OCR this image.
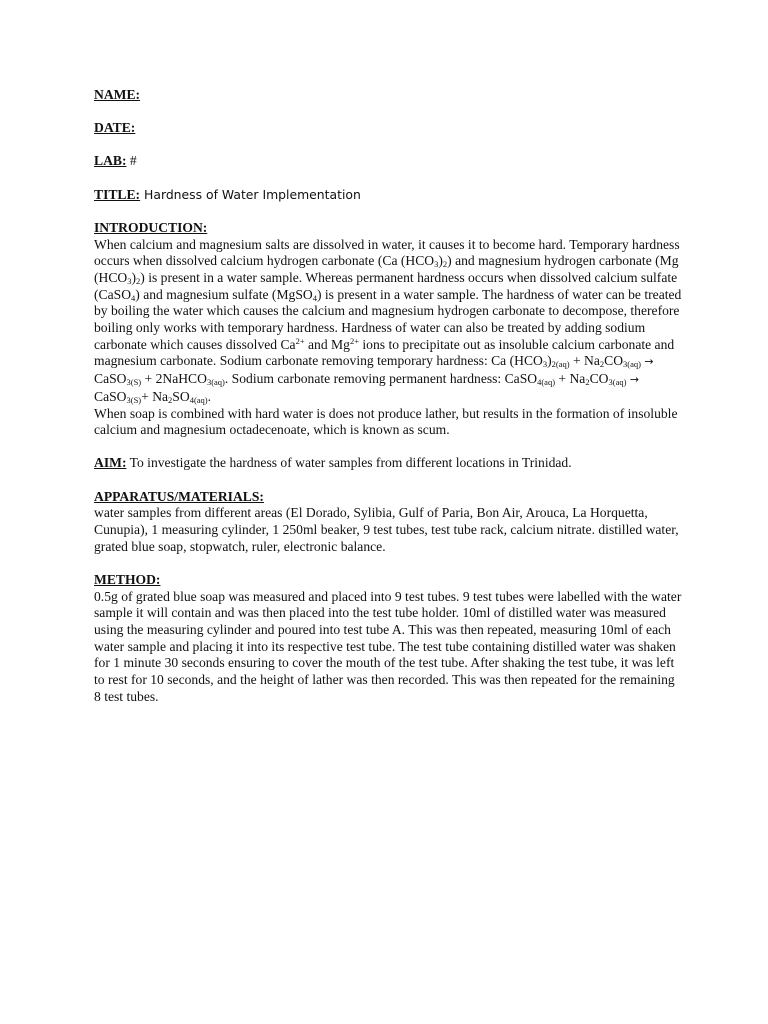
NAME:
DATE:
LAB: #
TITLE: Hardness of Water Implementation
INTRODUCTION:

When calcium and magnesium salts are dissolved in water, it causes it to become hard. Temporary hardness occurs when dissolved calcium hydrogen carbonate (Ca $(HCO_3)_2$) and magnesium hydrogen carbonate (Mg $(HCO_3)_2$) is present in a water sample. Whereas permanent hardness occurs when dissolved calcium sulfate (CaSO$_4$) and magnesium sulfate (MgSO$_4$) is present in a water sample. The hardness of water can be treated by boiling the water which causes the calcium and magnesium hydrogen carbonate to decompose, therefore boiling only works with temporary hardness. Hardness of water can also be treated by adding sodium carbonate which causes dissolved $Ca^{2+}$ and $Mg^{2+}$ ions to precipitate out as insoluble calcium carbonate and magnesium carbonate. Sodium carbonate removing temporary hardness: Ca $(HCO_3)_{2(aq)} + Na_2CO_{3(aq)}$ → CaSO$_{3(S)}$ + 2NaHCO$_{3(aq)}$. Sodium carbonate removing permanent hardness: CaSO$_{4(aq)}$ + $Na_2CO_{3(aq)}$ → CaSO$_{3(S)}$+ $Na_2SO_{4(aq)}$.

When soap is combined with hard water is does not produce lather, but results in the formation of insoluble calcium and magnesium octadecenoate, which is known as scum.

AIM: To investigate the hardness of water samples from different locations in Trinidad.
APPARATUS/MATERIALS:

water samples from different areas (El Dorado, Sylibia, Gulf of Paria, Bon Air, Arouca, La Horquetta, Cunupia), 1 measuring cylinder, 1 250ml beaker, 9 test tubes, test tube rack, calcium nitrate. distilled water, grated blue soap, stopwatch, ruler, electronic balance.

METHOD:

0.5g of grated blue soap was measured and placed into 9 test tubes. 9 test tubes were labelled with the water sample it will contain and was then placed into the test tube holder. 10ml of distilled water was measured using the measuring cylinder and poured into test tube A. This was then repeated, measuring 10ml of each water sample and placing it into its respective test tube. The test tube containing distilled water was shaken for 1 minute 30 seconds ensuring to cover the mouth of the test tube. After shaking the test tube, it was left to rest for 10 seconds, and the height of lather was then recorded. This was then repeated for the remaining 8 test tubes.
